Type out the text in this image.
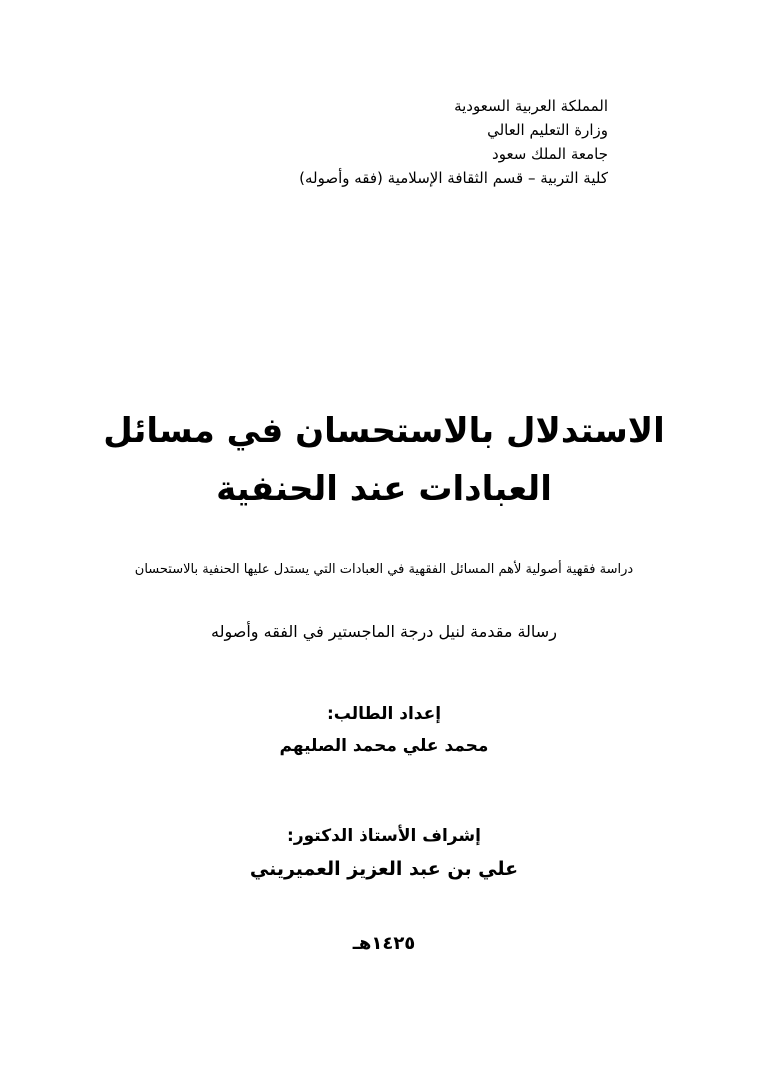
المملكة العربية السعودية
وزارة التعليم العالي
جامعة الملك سعود
كلية التربية – قسم الثقافة الإسلامية (فقه وأصوله)
الاستدلال بالاستحسان في مسائل
العبادات عند الحنفية
دراسة فقهية أصولية لأهم المسائل الفقهية في العبادات التي يستدل عليها الحنفية بالاستحسان
رسالة مقدمة لنيل درجة الماجستير في الفقه وأصوله
إعداد الطالب:
محمد علي محمد الصليهم
إشراف الأستاذ الدكتور:
علي بن عبد العزيز العميريني
١٤٢٥هـ
